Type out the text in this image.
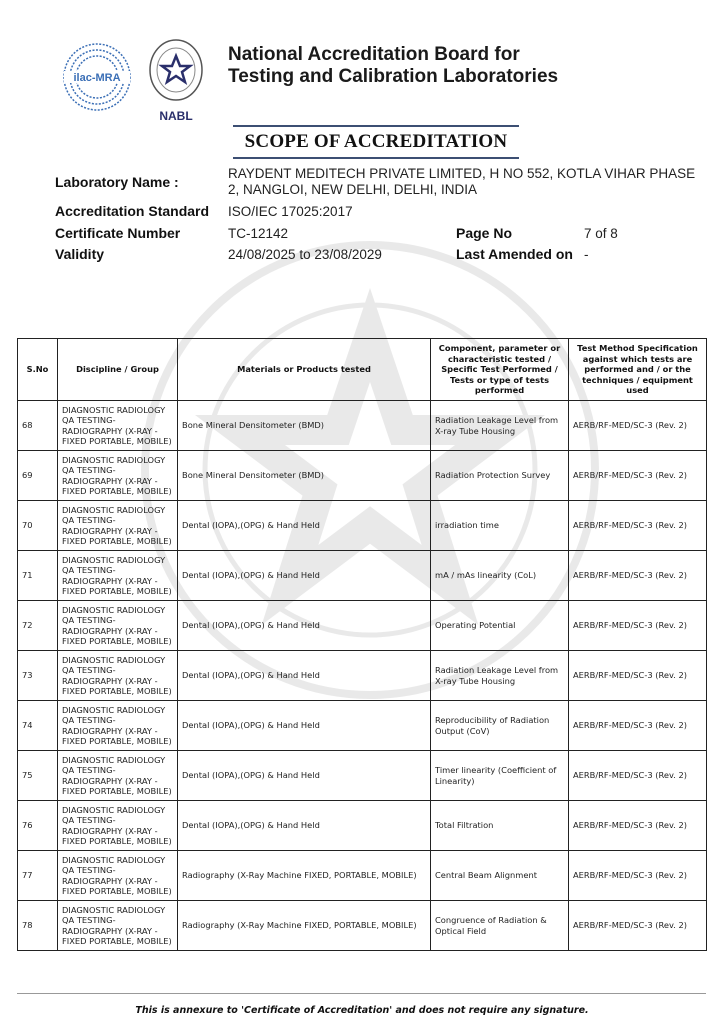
ilac-MRA
NABL
National Accreditation Board for
Testing and Calibration Laboratories
SCOPE OF ACCREDITATION
Laboratory Name :
RAYDENT MEDITECH PRIVATE LIMITED, H NO 552, KOTLA VIHAR PHASE
2, NANGLOI, NEW DELHI, DELHI, INDIA
Accreditation Standard ISO/IEC 17025:2017
Certificate Number	TC-12142	Page No	7 of 8
Validity	24/08/2025 to 23/08/2029	Last Amended on -
S.No	Discipline / Group	Materials or Products tested	Component, parameter or characteristic tested / Specific Test Performed / Tests or type of tests performed	Test Method Specification against which tests are performed and / or the techniques / equipment used
68	DIAGNOSTIC RADIOLOGY QA TESTING- RADIOGRAPHY (X-RAY - FIXED PORTABLE, MOBILE)	Bone Mineral Densitometer (BMD)	Radiation Leakage Level from X-ray Tube Housing	AERB/RF-MED/SC-3 (Rev. 2)
69	DIAGNOSTIC RADIOLOGY QA TESTING- RADIOGRAPHY (X-RAY - FIXED PORTABLE, MOBILE)	Bone Mineral Densitometer (BMD)	Radiation Protection Survey	AERB/RF-MED/SC-3 (Rev. 2)
70	DIAGNOSTIC RADIOLOGY QA TESTING- RADIOGRAPHY (X-RAY - FIXED PORTABLE, MOBILE)	Dental (IOPA),(OPG) & Hand Held	irradiation time	AERB/RF-MED/SC-3 (Rev. 2)
71	DIAGNOSTIC RADIOLOGY QA TESTING- RADIOGRAPHY (X-RAY - FIXED PORTABLE, MOBILE)	Dental (IOPA),(OPG) & Hand Held	mA / mAs linearity (CoL)	AERB/RF-MED/SC-3 (Rev. 2)
72	DIAGNOSTIC RADIOLOGY QA TESTING- RADIOGRAPHY (X-RAY - FIXED PORTABLE, MOBILE)	Dental (IOPA),(OPG) & Hand Held	Operating Potential	AERB/RF-MED/SC-3 (Rev. 2)
73	DIAGNOSTIC RADIOLOGY QA TESTING- RADIOGRAPHY (X-RAY - FIXED PORTABLE, MOBILE)	Dental (IOPA),(OPG) & Hand Held	Radiation Leakage Level from X-ray Tube Housing	AERB/RF-MED/SC-3 (Rev. 2)
74	DIAGNOSTIC RADIOLOGY QA TESTING- RADIOGRAPHY (X-RAY - FIXED PORTABLE, MOBILE)	Dental (IOPA),(OPG) & Hand Held	Reproducibility of Radiation Output (CoV)	AERB/RF-MED/SC-3 (Rev. 2)
75	DIAGNOSTIC RADIOLOGY QA TESTING- RADIOGRAPHY (X-RAY - FIXED PORTABLE, MOBILE)	Dental (IOPA),(OPG) & Hand Held	Timer linearity (Coefficient of Linearity)	AERB/RF-MED/SC-3 (Rev. 2)
76	DIAGNOSTIC RADIOLOGY QA TESTING- RADIOGRAPHY (X-RAY - FIXED PORTABLE, MOBILE)	Dental (IOPA),(OPG) & Hand Held	Total Filtration	AERB/RF-MED/SC-3 (Rev. 2)
77	DIAGNOSTIC RADIOLOGY QA TESTING- RADIOGRAPHY (X-RAY - FIXED PORTABLE, MOBILE)	Radiography (X-Ray Machine FIXED, PORTABLE, MOBILE)	Central Beam Alignment	AERB/RF-MED/SC-3 (Rev. 2)
78	DIAGNOSTIC RADIOLOGY QA TESTING- RADIOGRAPHY (X-RAY - FIXED PORTABLE, MOBILE)	Radiography (X-Ray Machine FIXED, PORTABLE, MOBILE)	Congruence of Radiation & Optical Field	AERB/RF-MED/SC-3 (Rev. 2)
This is annexure to 'Certificate of Accreditation' and does not require any signature.
